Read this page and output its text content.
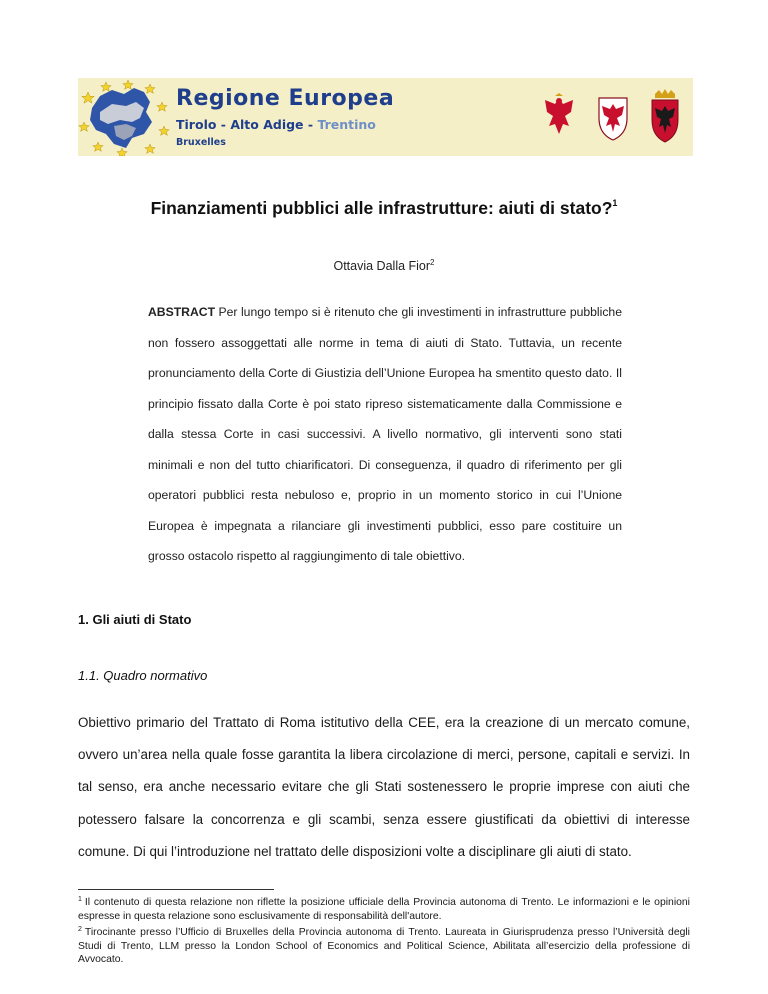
Regione Europea
Tirolo - Alto Adige - Trentino
Bruxelles
Finanziamenti pubblici alle infrastrutture: aiuti di stato?$^1$
Ottavia Dalla Fior$^2$
ABSTRACT Per lungo tempo si è ritenuto che gli investimenti in infrastrutture pubbliche non fossero assoggettati alle norme in tema di aiuti di Stato. Tuttavia, un recente pronunciamento della Corte di Giustizia dell’Unione Europea ha smentito questo dato. Il principio fissato dalla Corte è poi stato ripreso sistematicamente dalla Commissione e dalla stessa Corte in casi successivi. A livello normativo, gli interventi sono stati minimali e non del tutto chiarificatori. Di conseguenza, il quadro di riferimento per gli operatori pubblici resta nebuloso e, proprio in un momento storico in cui l’Unione Europea è impegnata a rilanciare gli investimenti pubblici, esso pare costituire un grosso ostacolo rispetto al raggiungimento di tale obiettivo.
1. Gli aiuti di Stato
1.1. Quadro normativo
Obiettivo primario del Trattato di Roma istitutivo della CEE, era la creazione di un mercato comune, ovvero un’area nella quale fosse garantita la libera circolazione di merci, persone, capitali e servizi. In tal senso, era anche necessario evitare che gli Stati sostenessero le proprie imprese con aiuti che potessero falsare la concorrenza e gli scambi, senza essere giustificati da obiettivi di interesse comune. Di qui l’introduzione nel trattato delle disposizioni volte a disciplinare gli aiuti di stato.

$^1$ Il contenuto di questa relazione non riflette la posizione ufficiale della Provincia autonoma di Trento. Le informazioni e le opinioni espresse in questa relazione sono esclusivamente di responsabilità dell'autore.

$^2$ Tirocinante presso l’Ufficio di Bruxelles della Provincia autonoma di Trento. Laureata in Giurisprudenza presso l’Università degli Studi di Trento, LLM presso la London School of Economics and Political Science, Abilitata all’esercizio della professione di Avvocato.
